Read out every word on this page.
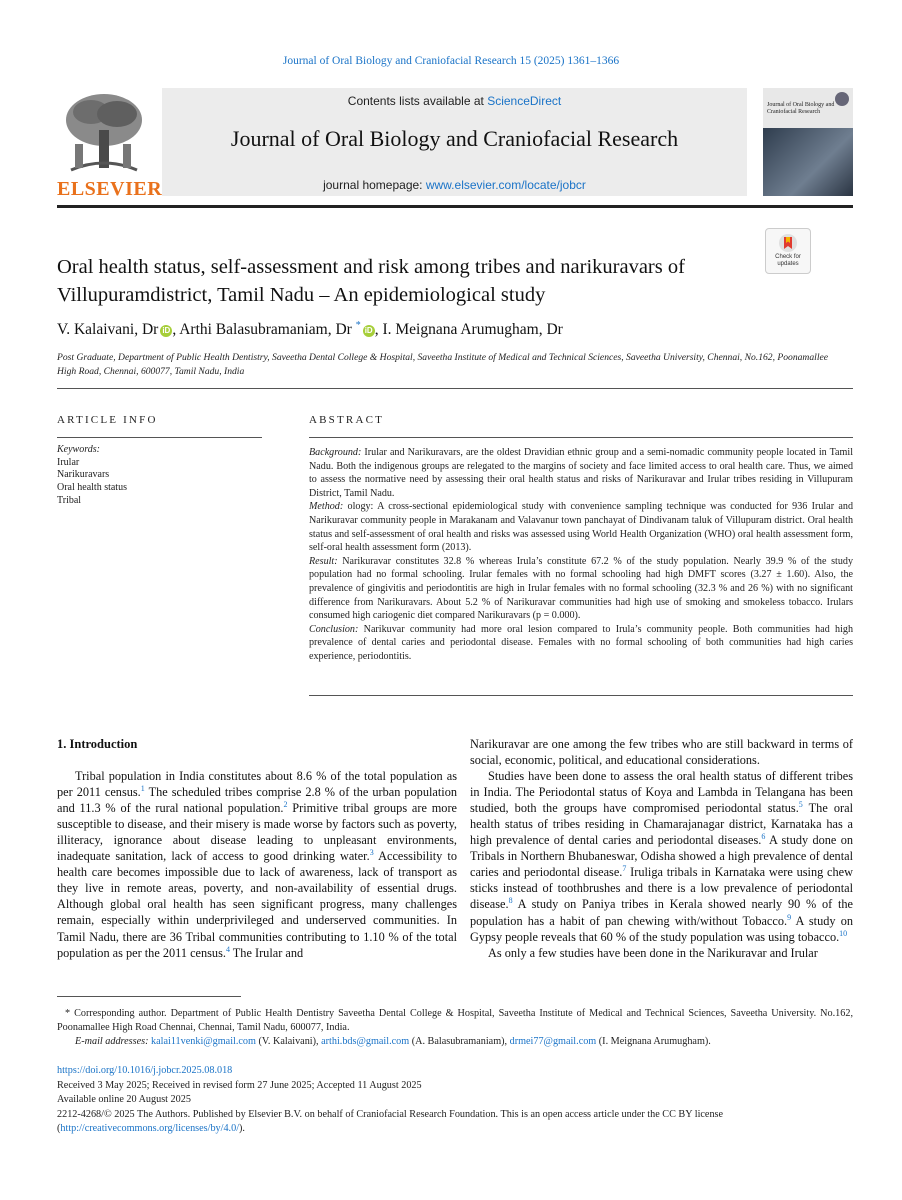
Journal of Oral Biology and Craniofacial Research 15 (2025) 1361–1366
ELSEVIER
Contents lists available at ScienceDirect
Journal of Oral Biology and Craniofacial Research
journal homepage: www.elsevier.com/locate/jobcr
Journal of Oral Biology and Craniofacial Research
Check for updates
Oral health status, self-assessment and risk among tribes and narikuravars of Villupuramdistrict, Tamil Nadu – An epidemiological study
V. Kalaivani, Dr iD , Arthi Balasubramaniam, Dr * iD , I. Meignana Arumugham, Dr
Post Graduate, Department of Public Health Dentistry, Saveetha Dental College & Hospital, Saveetha Institute of Medical and Technical Sciences, Saveetha University, Chennai, No.162, Poonamallee High Road, Chennai, 600077, Tamil Nadu, India
ARTICLE INFO
Keywords:
Irular
Narikuravars
Oral health status
Tribal
ABSTRACT

Background: Irular and Narikuravars, are the oldest Dravidian ethnic group and a semi-nomadic community people located in Tamil Nadu. Both the indigenous groups are relegated to the margins of society and face limited access to oral health care. Thus, we aimed to assess the normative need by assessing their oral health status and risks of Narikuravar and Irular tribes residing in Villupuram District, Tamil Nadu.

Method: ology: A cross-sectional epidemiological study with convenience sampling technique was conducted for 936 Irular and Narikuravar community people in Marakanam and Valavanur town panchayat of Dindivanam taluk of Villupuram district. Oral health status and self-assessment of oral health and risks was assessed using World Health Organization (WHO) oral health assessment form, self-oral health assessment form (2013).

Result: Narikuravar constitutes 32.8 % whereas Irula’s constitute 67.2 % of the study population. Nearly 39.9 % of the study population had no formal schooling. Irular females with no formal schooling had high DMFT scores (3.27 ± 1.60). Also, the prevalence of gingivitis and periodontitis are high in Irular females with no formal schooling (32.3 % and 26 %) with no significant difference from Narikuravars. About 5.2 % of Narikuravar communities had high use of smoking and smokeless tobacco. Irulars consumed high cariogenic diet compared Narikuravars (p = 0.000).

Conclusion: Narikuvar community had more oral lesion compared to Irula’s community people. Both communities had high prevalence of dental caries and periodontal disease. Females with no formal schooling of both communities had high caries experience, periodontitis.

1. Introduction

Tribal population in India constitutes about 8.6 % of the total population as per 2011 census.$^1$ The scheduled tribes comprise 2.8 % of the urban population and 11.3 % of the rural national population.$^2$ Primitive tribal groups are more susceptible to disease, and their misery is made worse by factors such as poverty, illiteracy, ignorance about disease leading to unpleasant environments, inadequate sanitation, lack of access to good drinking water.$^3$ Accessibility to health care becomes impossible due to lack of awareness, lack of transport as they live in remote areas, poverty, and non-availability of essential drugs. Although global oral health has seen significant progress, many challenges remain, especially within underprivileged and underserved communities. In Tamil Nadu, there are 36 Tribal communities contributing to 1.10 % of the total population as per the 2011 census.$^4$ The Irular and

Narikuravar are one among the few tribes who are still backward in terms of social, economic, political, and educational considerations.

Studies have been done to assess the oral health status of different tribes in India. The Periodontal status of Koya and Lambda in Telangana has been studied, both the groups have compromised periodontal status.$^5$ The oral health status of tribes residing in Chamarajanagar district, Karnataka has a high prevalence of dental caries and periodontal diseases.$^6$ A study done on Tribals in Northern Bhubaneswar, Odisha showed a high prevalence of dental caries and periodontal disease.$^7$ Iruliga tribals in Karnataka were using chew sticks instead of toothbrushes and there is a low prevalence of periodontal disease.$^8$ A study on Paniya tribes in Kerala showed nearly 90 % of the population has a habit of pan chewing with/without Tobacco.$^9$ A study on Gypsy people reveals that 60 % of the study population was using tobacco.$^{10}$

As only a few studies have been done in the Narikuravar and Irular

* Corresponding author. Department of Public Health Dentistry Saveetha Dental College & Hospital, Saveetha Institute of Medical and Technical Sciences, Saveetha University. No.162, Poonamallee High Road Chennai, Chennai, Tamil Nadu, 600077, India.

E-mail addresses: kalai11venki@gmail.com (V. Kalaivani), arthi.bds@gmail.com (A. Balasubramaniam), drmei77@gmail.com (I. Meignana Arumugham).

https://doi.org/10.1016/j.jobcr.2025.08.018

Received 3 May 2025; Received in revised form 27 June 2025; Accepted 11 August 2025

Available online 20 August 2025

2212-4268/© 2025 The Authors. Published by Elsevier B.V. on behalf of Craniofacial Research Foundation. This is an open access article under the CC BY license (http://creativecommons.org/licenses/by/4.0/).
